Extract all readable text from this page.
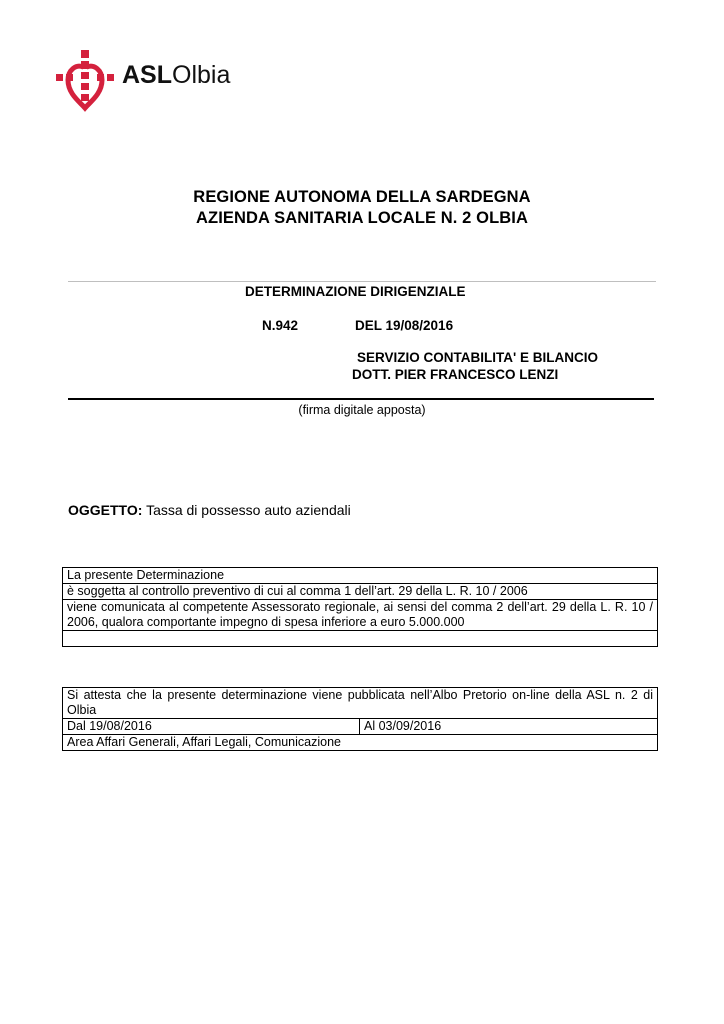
ASLOlbia
REGIONE AUTONOMA DELLA SARDEGNA
AZIENDA SANITARIA LOCALE N. 2 OLBIA
DETERMINAZIONE DIRIGENZIALE
N.942	DEL 19/08/2016
SERVIZIO CONTABILITA' E BILANCIO
DOTT. PIER FRANCESCO LENZI
(firma digitale apposta)
OGGETTO: Tassa di possesso auto aziendali
La presente Determinazione
è soggetta al controllo preventivo di cui al comma 1 dell’art. 29 della L. R. 10 / 2006
viene comunicata al competente Assessorato regionale, ai sensi del comma 2 dell’art. 29 della L. R. 10 / 2006, qualora comportante impegno di spesa inferiore a euro 5.000.000

Si attesta che la presente determinazione viene pubblicata nell’Albo Pretorio on-line della ASL n. 2 di Olbia
Dal 19/08/2016	Al 03/09/2016
Area Affari Generali, Affari Legali, Comunicazione
